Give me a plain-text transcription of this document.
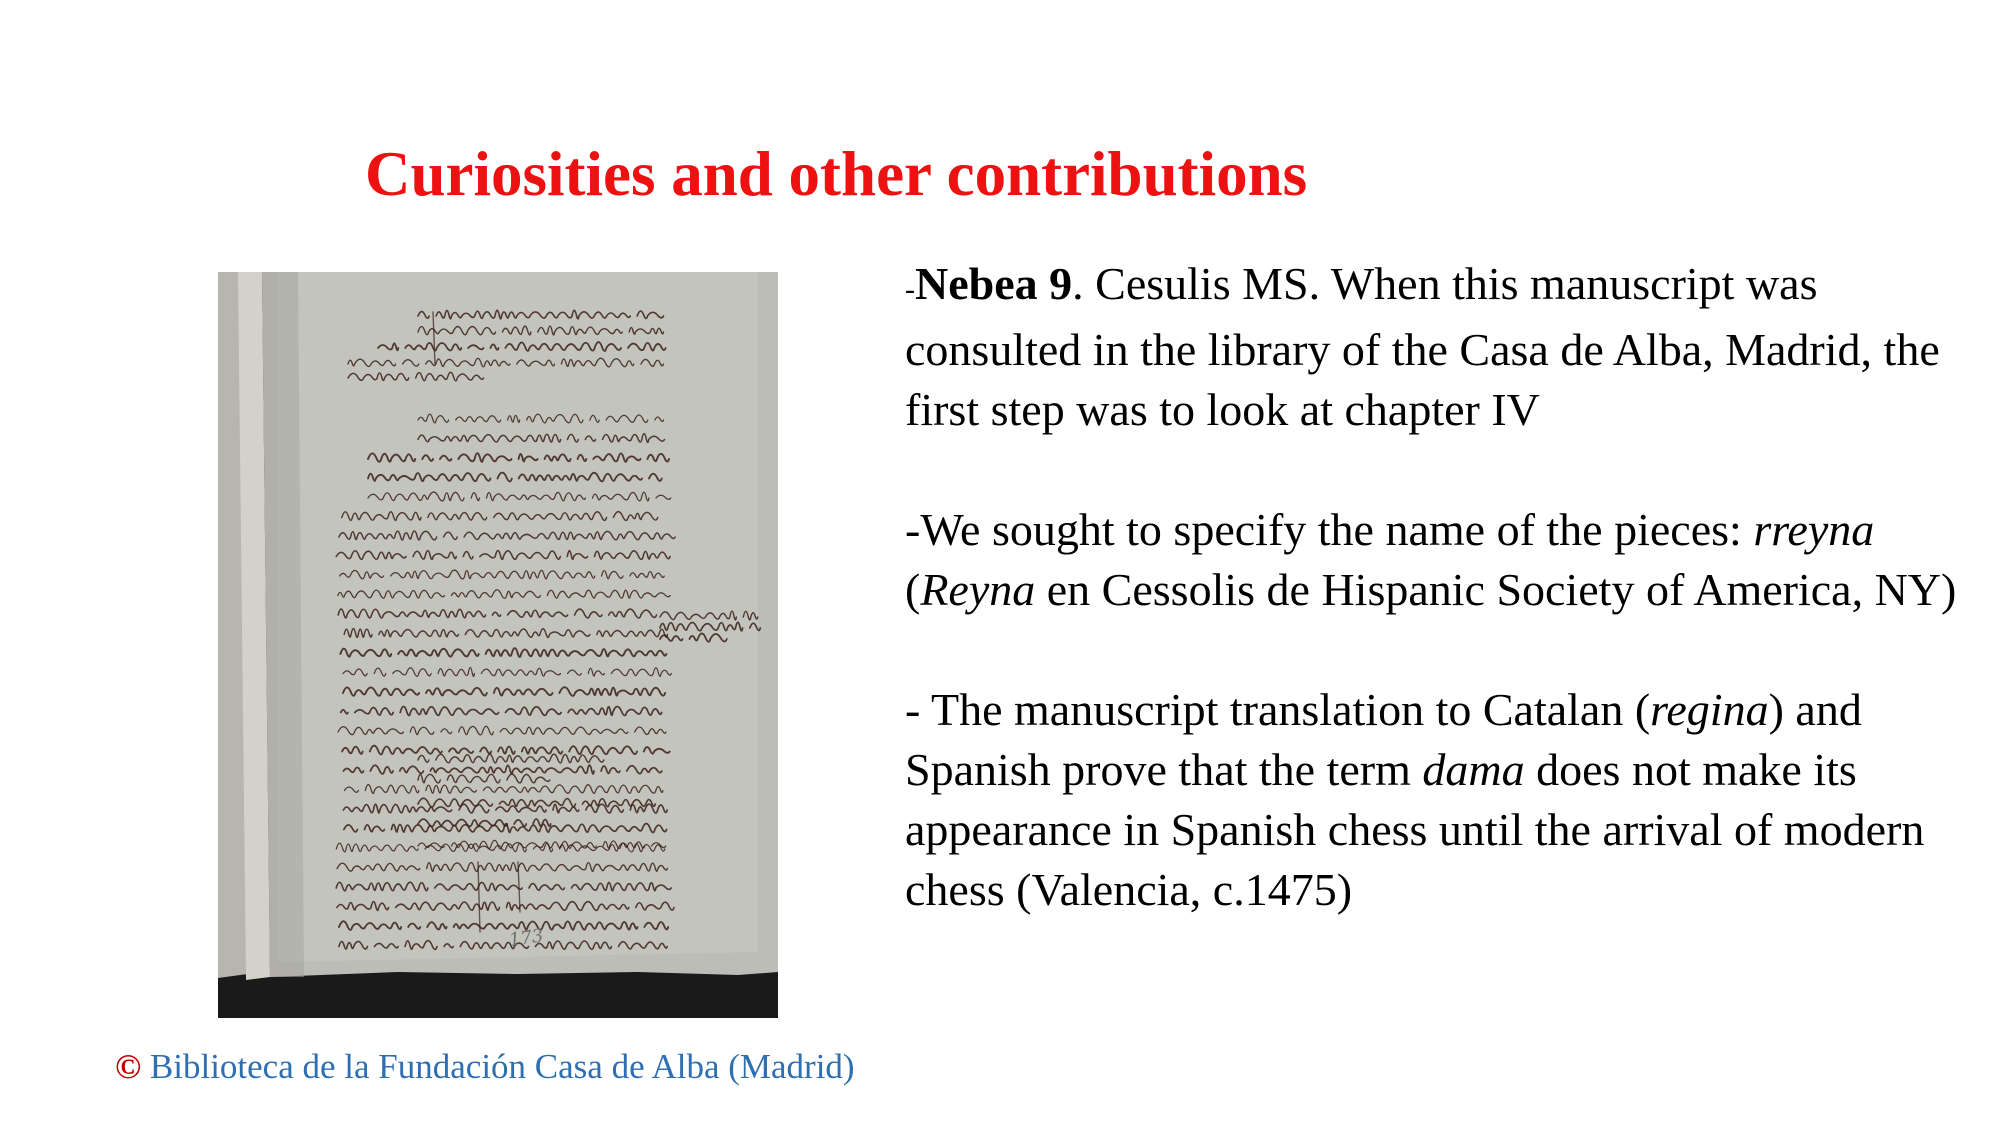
Curiosities and other contributions
173

-Nebea 9. Cesulis MS. When this manuscript was consulted in the library of the Casa de Alba, Madrid, the first step was to look at chapter IV

-We sought to specify the name of the pieces: rreyna (Reyna en Cessolis de Hispanic Society of America, NY)

- The manuscript translation to Catalan (regina) and Spanish prove that the term dama does not make its appearance in Spanish chess until the arrival of modern chess (Valencia, c.1475)

© Biblioteca de la Fundación Casa de Alba (Madrid)
